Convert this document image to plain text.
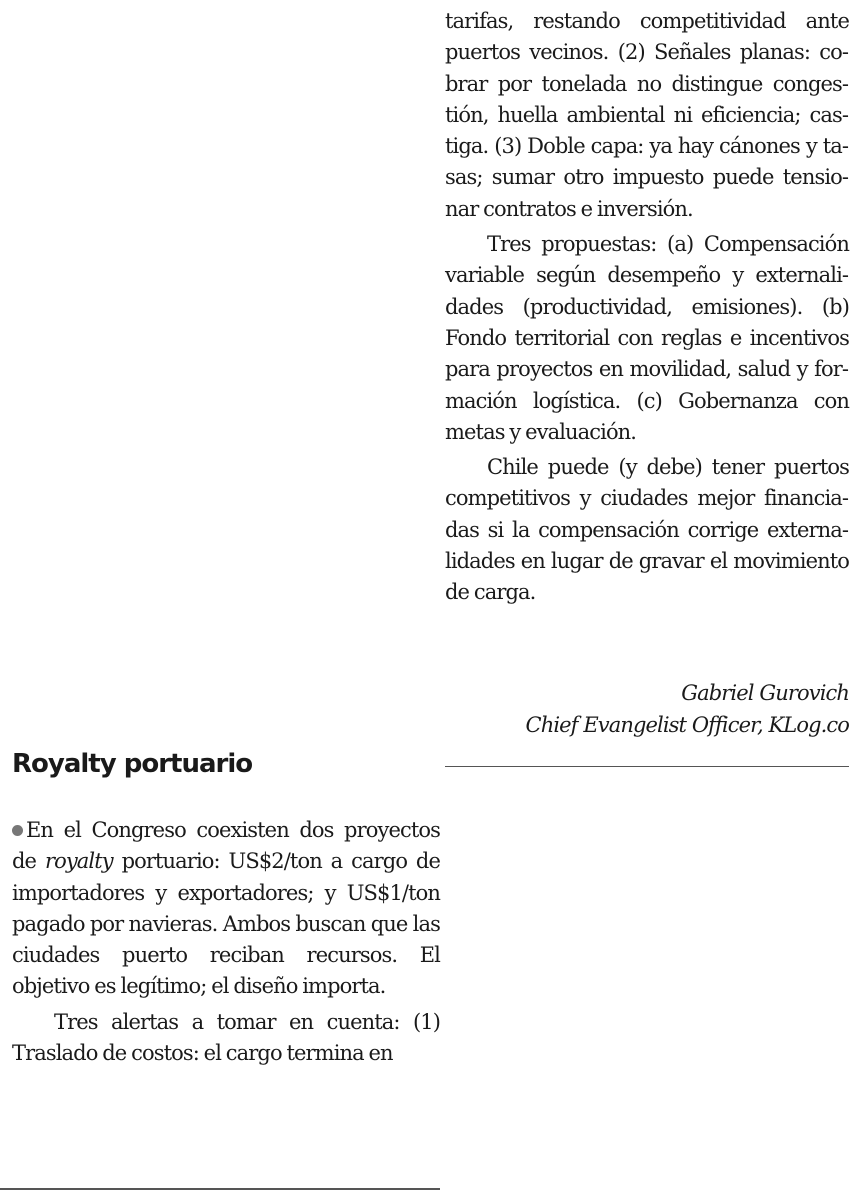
tarifas, restando competitividad ante puertos vecinos. (2) Señales planas: cobrar por tonelada no distingue congestión, huella ambiental ni eficiencia; castiga. (3) Doble capa: ya hay cánones y tasas; sumar otro impuesto puede tensionar contratos e inversión.

Tres propuestas: (a) Compensación variable según desempeño y externalidades (productividad, emisiones). (b) Fondo territorial con reglas e incentivos para proyectos en movilidad, salud y formación logística. (c) Gobernanza con metas y evaluación.

Chile puede (y debe) tener puertos competitivos y ciudades mejor financiadas si la compensación corrige externalidades en lugar de gravar el movimiento de carga.

Gabriel Gurovich
Chief Evangelist Officer, KLog.co
Royalty portuario

En el Congreso coexisten dos proyectos de royalty portuario: US$2/ton a cargo de importadores y exportadores; y US$1/ton pagado por navieras. Ambos buscan que las ciudades puerto reciban recursos. El objetivo es legítimo; el diseño importa.

Tres alertas a tomar en cuenta: (1) Traslado de costos: el cargo termina en
